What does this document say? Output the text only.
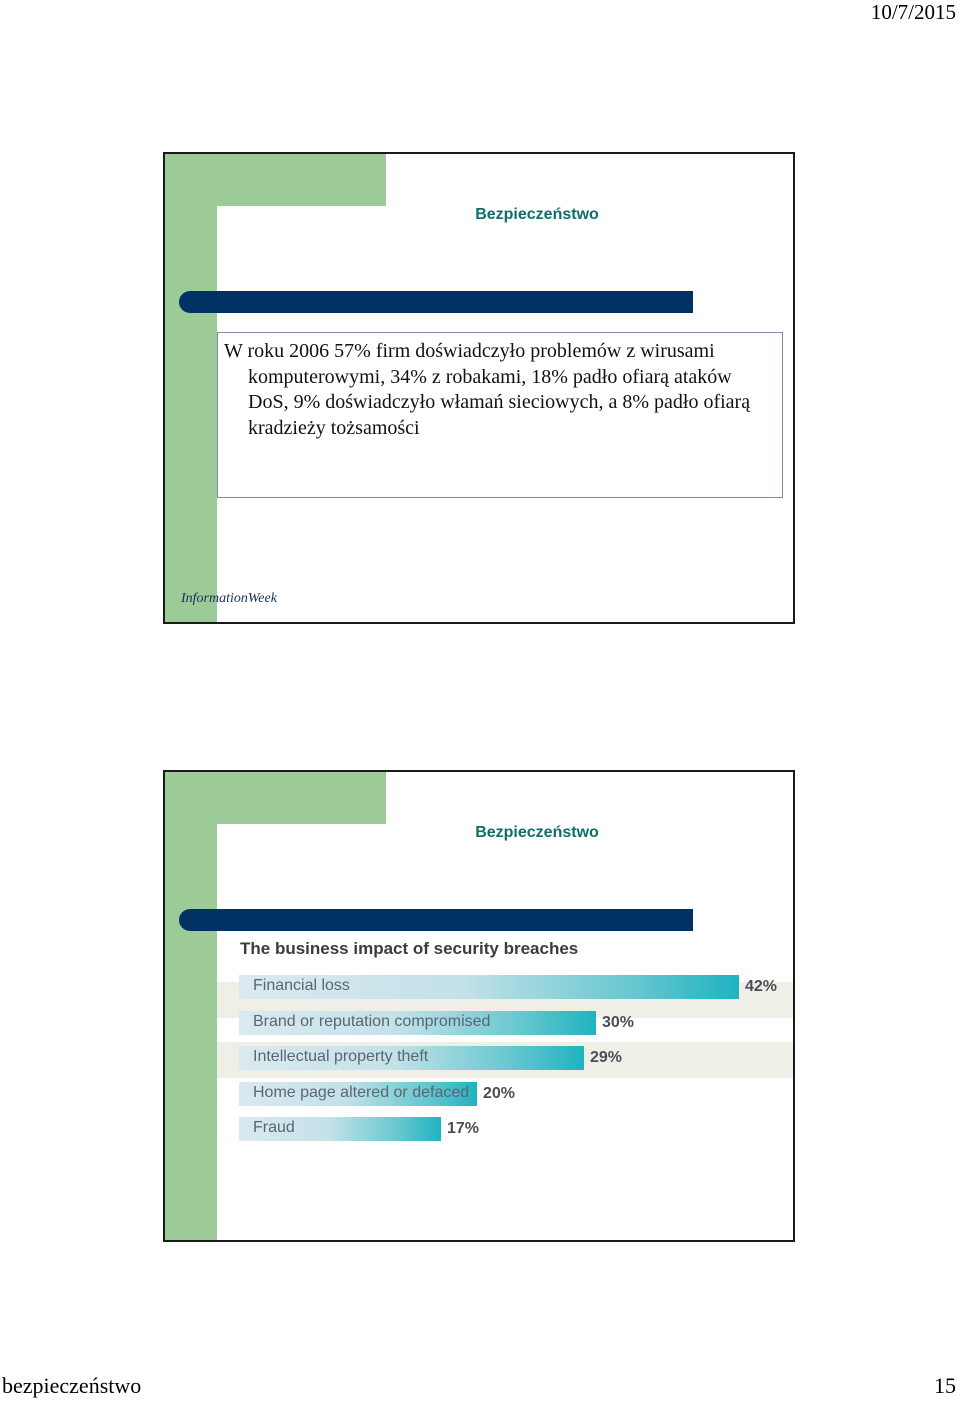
10/7/2015
Bezpieczeństwo

W roku 2006 57% firm doświadczyło problemów z wirusami komputerowymi, 34% z robakami, 18% padło ofiarą ataków DoS, 9% doświadczyło włamań sieciowych, a 8% padło ofiarą kradzieży tożsamości

InformationWeek
Bezpieczeństwo
The business impact of security breaches
Financial loss	42%
Brand or reputation compromised	30%
Intellectual property theft	29%
Home page altered or defaced 20%
Fraud	17%
bezpieczeństwo	15
